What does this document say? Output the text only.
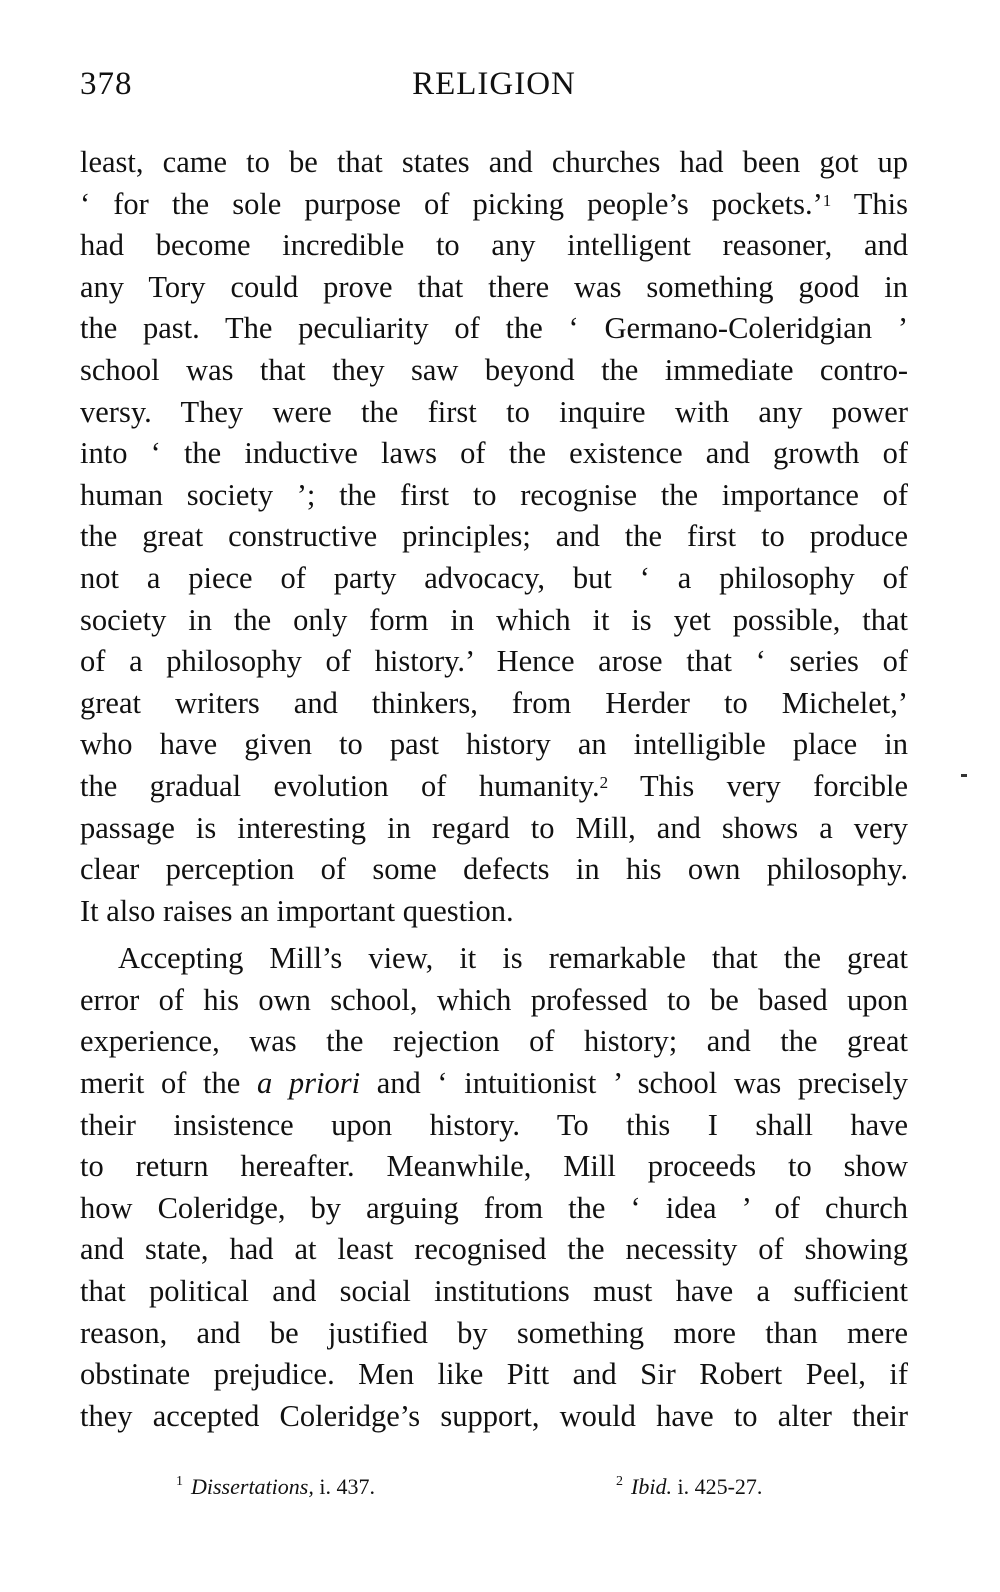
378	RELIGION
least, came to be that states and churches had been got up
‘ for the sole purpose of picking people’s pockets.’$^1$ This
had become incredible to any intelligent reasoner, and
any Tory could prove that there was something good in
the past. The peculiarity of the ‘ Germano-Coleridgian ’
school was that they saw beyond the immediate contro-
versy. They were the first to inquire with any power
into ‘ the inductive laws of the existence and growth of
human society ’; the first to recognise the importance of
the great constructive principles; and the first to produce
not a piece of party advocacy, but ‘ a philosophy of
society in the only form in which it is yet possible, that
of a philosophy of history.’ Hence arose that ‘ series of
great writers and thinkers, from Herder to Michelet,’
who have given to past history an intelligible place in
the gradual evolution of humanity.$^2$ This very forcible
passage is interesting in regard to Mill, and shows a very
clear perception of some defects in his own philosophy.
It also raises an important question.
Accepting Mill’s view, it is remarkable that the great
error of his own school, which professed to be based upon
experience, was the rejection of history; and the great
merit of the a priori and ‘ intuitionist ’ school was precisely
their insistence upon history. To this I shall have
to return hereafter. Meanwhile, Mill proceeds to show
how Coleridge, by arguing from the ‘ idea ’ of church
and state, had at least recognised the necessity of showing
that political and social institutions must have a sufficient
reason, and be justified by something more than mere
obstinate prejudice. Men like Pitt and Sir Robert Peel, if
they accepted Coleridge’s support, would have to alter their
$^1$ Dissertations, i. 437.	$^2$ Ibid. i. 425-27.
